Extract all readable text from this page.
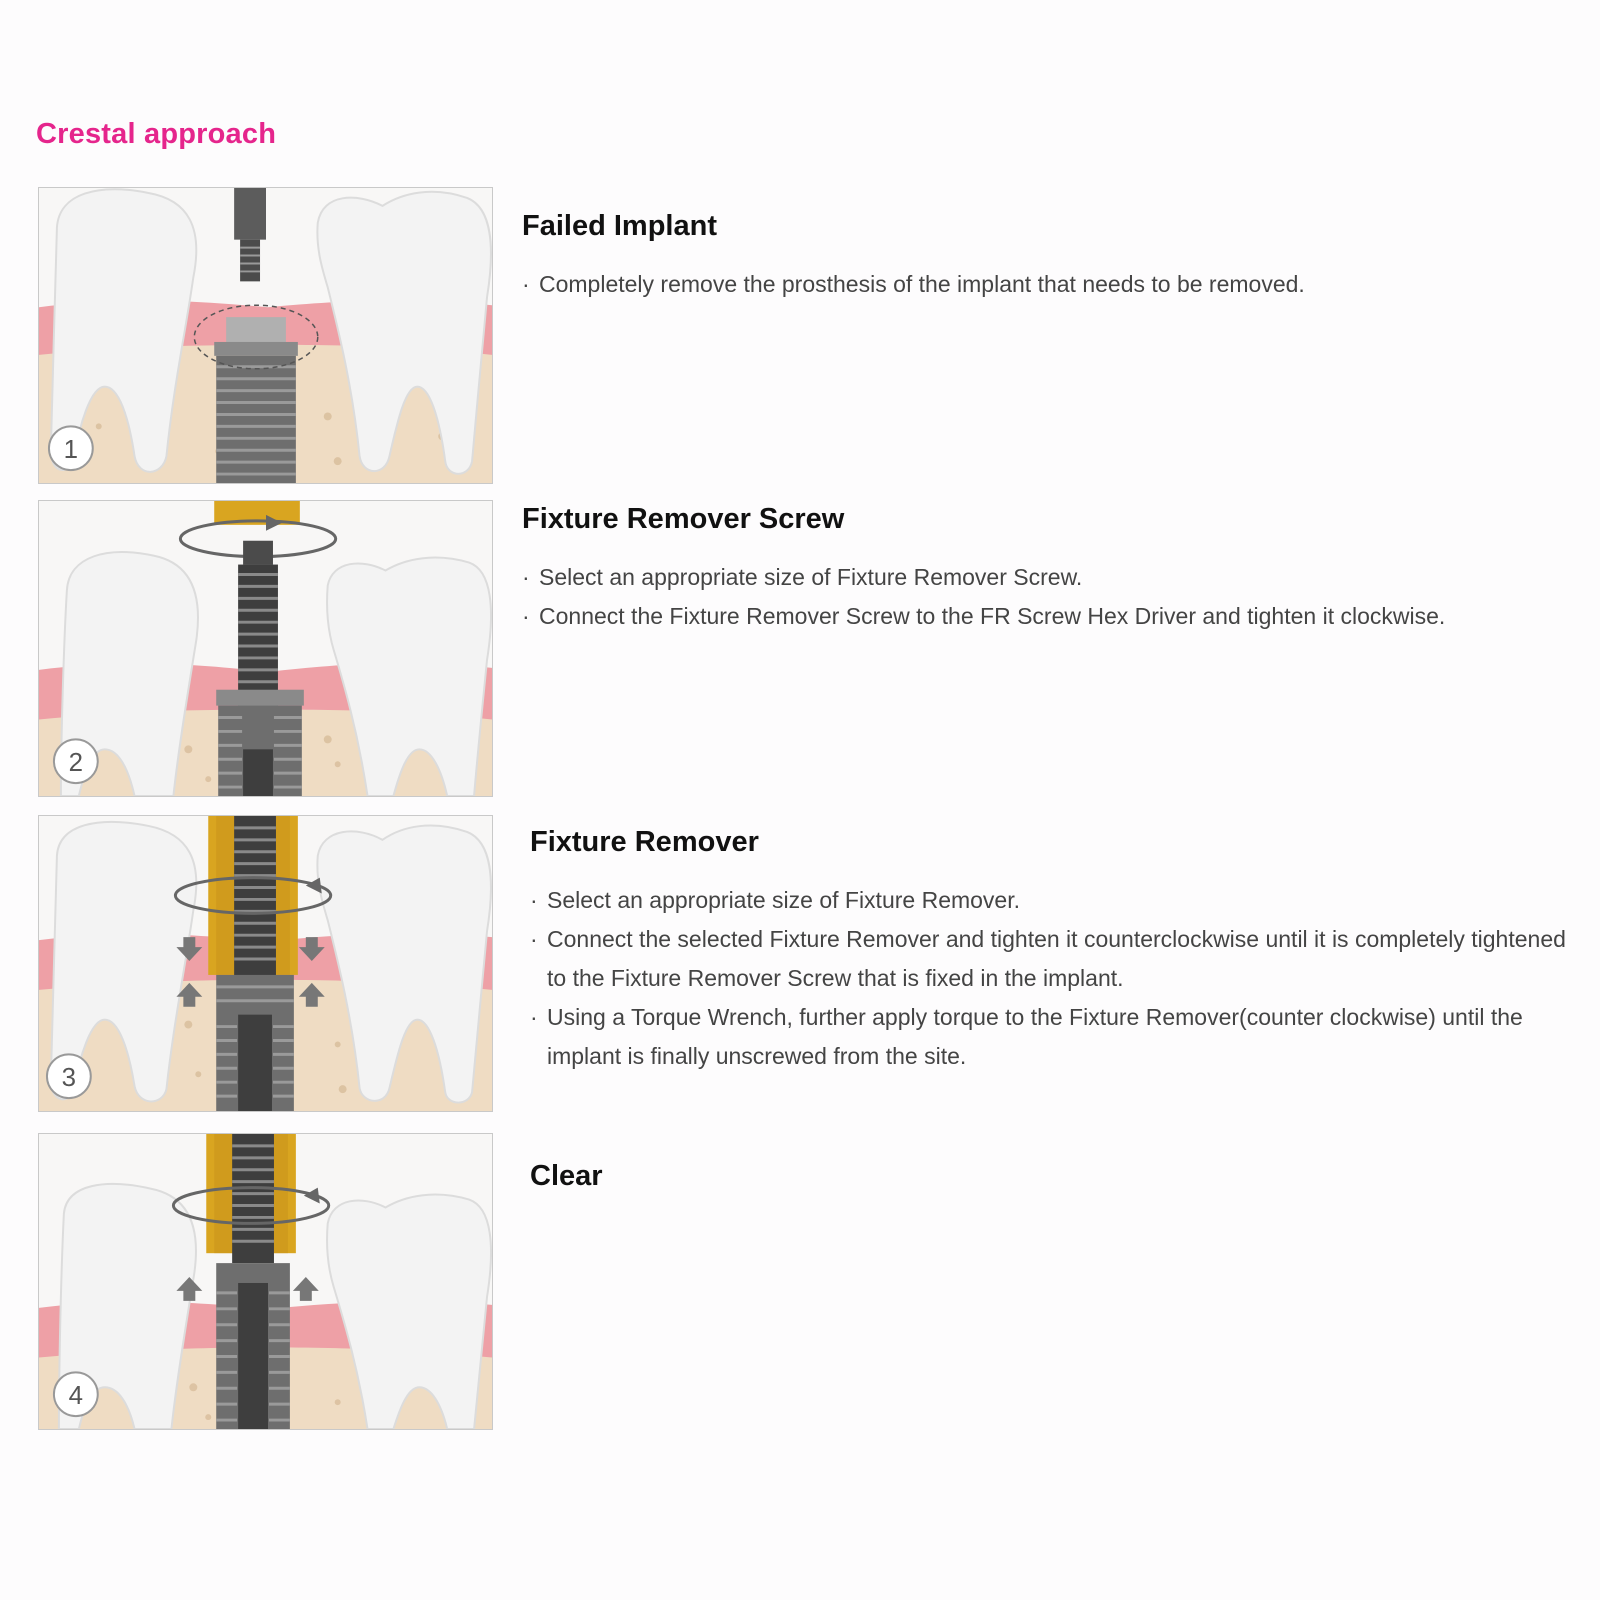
Crestal approach
1
Failed Implant
· Completely remove the prosthesis of the implant that needs to be removed.
2
Fixture Remover Screw
· Select an appropriate size of Fixture Remover Screw.
· Connect the Fixture Remover Screw to the FR Screw Hex Driver and tighten it clockwise.
3
Fixture Remover
· Select an appropriate size of Fixture Remover.
· Connect the selected Fixture Remover and tighten it counterclockwise until it is completely tightened to the Fixture Remover Screw that is fixed in the implant.
· Using a Torque Wrench, further apply torque to the Fixture Remover(counter clockwise) until the implant is finally unscrewed from the site.
4
Clear
